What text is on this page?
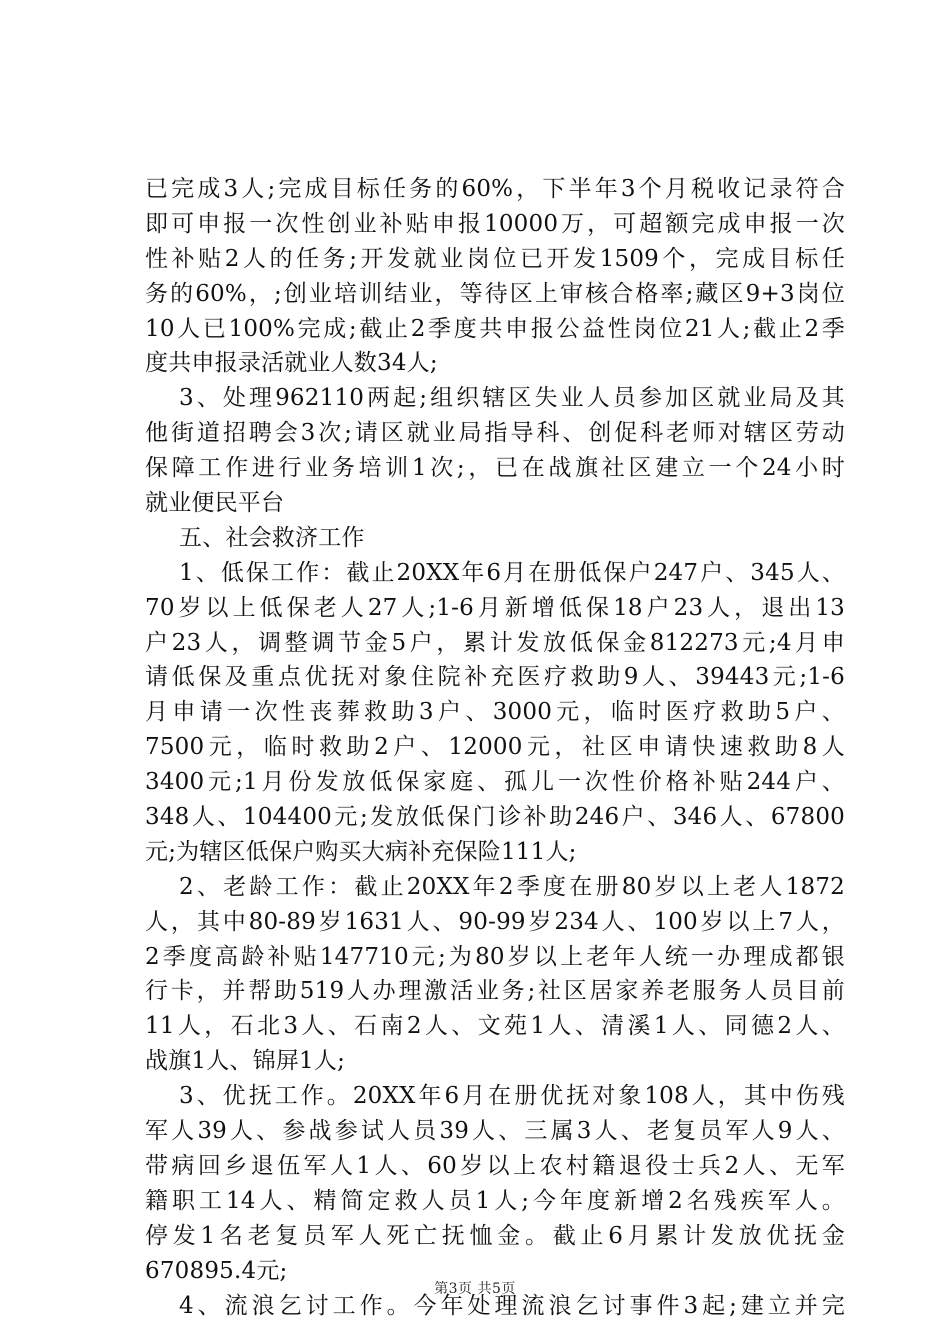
已完成3人;完成目标任务的60%，下半年3个月税收记录符合
即可申报一次性创业补贴申报10000万，可超额完成申报一次
性补贴2人的任务;开发就业岗位已开发1509个，完成目标任
务的60%，;创业培训结业，等待区上审核合格率;藏区9+3岗位
10人已100%完成;截止2季度共申报公益性岗位21人;截止2季
度共申报录活就业人数34人;
3、处理962110两起;组织辖区失业人员参加区就业局及其
他街道招聘会3次;请区就业局指导科、创促科老师对辖区劳动
保障工作进行业务培训1次;，已在战旗社区建立一个24小时
就业便民平台
五、社会救济工作
1、低保工作：截止20XX年6月在册低保户247户、345人、
70岁以上低保老人27人;1-6月新增低保18户23人，退出13
户23人，调整调节金5户，累计发放低保金812273元;4月申
请低保及重点优抚对象住院补充医疗救助9人、39443元;1-6
月申请一次性丧葬救助3户、3000元，临时医疗救助5户、
7500元，临时救助2户、12000元，社区申请快速救助8人
3400元;1月份发放低保家庭、孤儿一次性价格补贴244户、
348人、104400元;发放低保门诊补助246户、346人、67800
元;为辖区低保户购买大病补充保险111人;
2、老龄工作：截止20XX年2季度在册80岁以上老人1872
人，其中80-89岁1631人、90-99岁234人、100岁以上7人，
2季度高龄补贴147710元;为80岁以上老年人统一办理成都银
行卡，并帮助519人办理激活业务;社区居家养老服务人员目前
11人，石北3人、石南2人、文苑1人、清溪1人、同德2人、
战旗1人、锦屏1人;
3、优抚工作。20XX年6月在册优抚对象108人，其中伤残
军人39人、参战参试人员39人、三属3人、老复员军人9人、
带病回乡退伍军人1人、60岁以上农村籍退役士兵2人、无军
籍职工14人、精简定救人员1人;今年度新增2名残疾军人。
停发1名老复员军人死亡抚恤金。截止6月累计发放优抚金
670895.4元;
4、流浪乞讨工作。今年处理流浪乞讨事件3起;建立并完
第3页 共5页
